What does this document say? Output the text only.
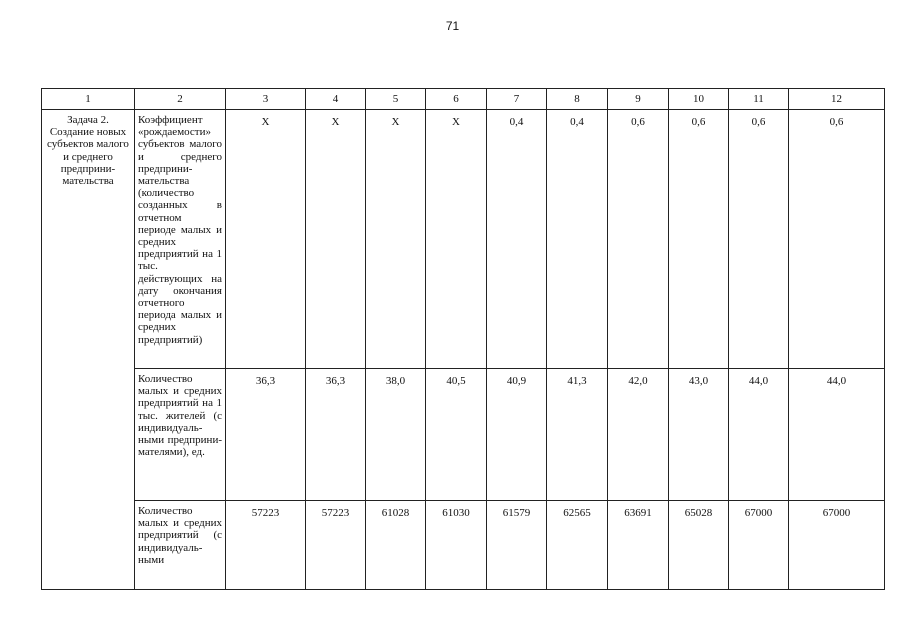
71
1	2	3	4	5	6	7	8	9	10	11	12
Задача 2. Создание новых субъектов малого и среднего предприни-мательства	Коэффициент «рождаемости» субъектов малого и среднего предприни-мательства (количество созданных в отчетном периоде малых и средних предприятий на 1 тыс. действующих на дату окончания отчетного периода малых и средних предприятий)	Х	Х	Х	Х	0,4	0,4	0,6	0,6	0,6	0,6
	Количество малых и средних предприятий на 1 тыс. жителей (с индивидуаль-ными предприни-мателями), ед.	36,3	36,3	38,0	40,5	40,9	41,3	42,0	43,0	44,0	44,0
	Количество малых и средних предприятий (с индивидуаль-ными	57223	57223	61028	61030	61579	62565	63691	65028	67000	67000
